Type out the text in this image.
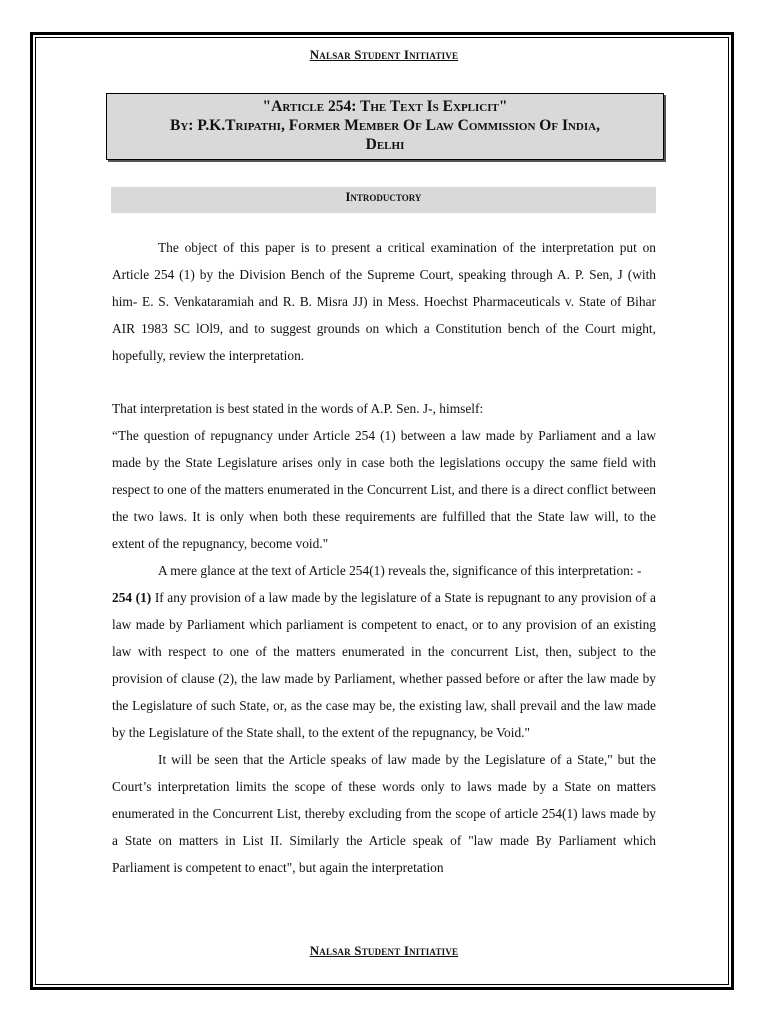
Nalsar Student Initiative
"Article 254: The Text Is Explicit"
By: P.K.Tripathi, Former Member Of Law Commission Of India,
Delhi
Introductory

The object of this paper is to present a critical examination of the interpretation put on Article 254 (1) by the Division Bench of the Supreme Court, speaking through A. P. Sen, J (with him- E. S. Venkataramiah and R. B. Misra JJ) in Mess. Hoechst Pharmaceuticals v. State of Bihar AIR 1983 SC lOl9, and to suggest grounds on which a Constitution bench of the Court might, hopefully, review the interpretation.

That interpretation is best stated in the words of A.P. Sen. J-, himself:

“The question of repugnancy under Article 254 (1) between a law made by Parliament and a law made by the State Legislature arises only in case both the legislations occupy the same field with respect to one of the matters enumerated in the Concurrent List, and there is a direct conflict between the two laws. It is only when both these requirements are fulfilled that the State law will, to the extent of the repugnancy, become void."

A mere glance at the text of Article 254(1) reveals the, significance of this interpretation: -

254 (1) If any provision of a law made by the legislature of a State is repugnant to any provision of a law made by Parliament which parliament is competent to enact, or to any provision of an existing law with respect to one of the matters enumerated in the concurrent List, then, subject to the provision of clause (2), the law made by Parliament, whether passed before or after the law made by the Legislature of such State, or, as the case may be, the existing law, shall prevail and the law made by the Legislature of the State shall, to the extent of the repugnancy, be Void."

It will be seen that the Article speaks of law made by the Legislature of a State," but the Court’s interpretation limits the scope of these words only to laws made by a State on matters enumerated in the Concurrent List, thereby excluding from the scope of article 254(1) laws made by a State on matters in List II. Similarly the Article speak of "law made By Parliament which Parliament is competent to enact", but again the interpretation

Nalsar Student Initiative
